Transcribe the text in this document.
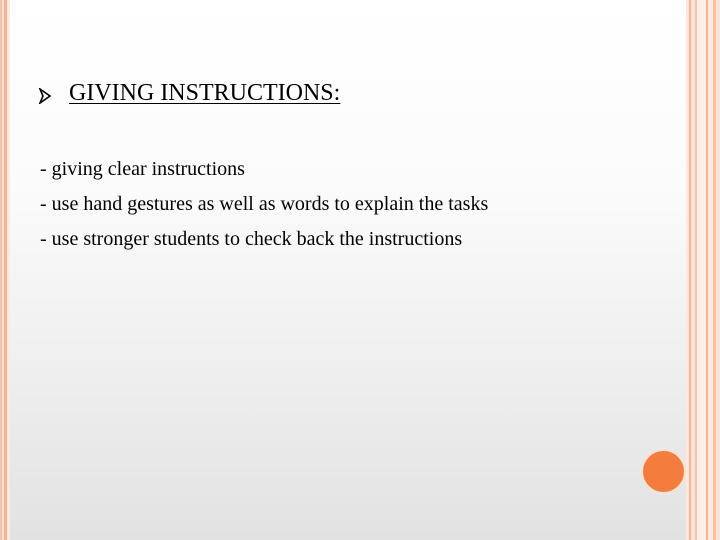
GIVING INSTRUCTIONS:
- giving clear instructions
- use hand gestures as well as words to explain the tasks
- use stronger students to check back the instructions
